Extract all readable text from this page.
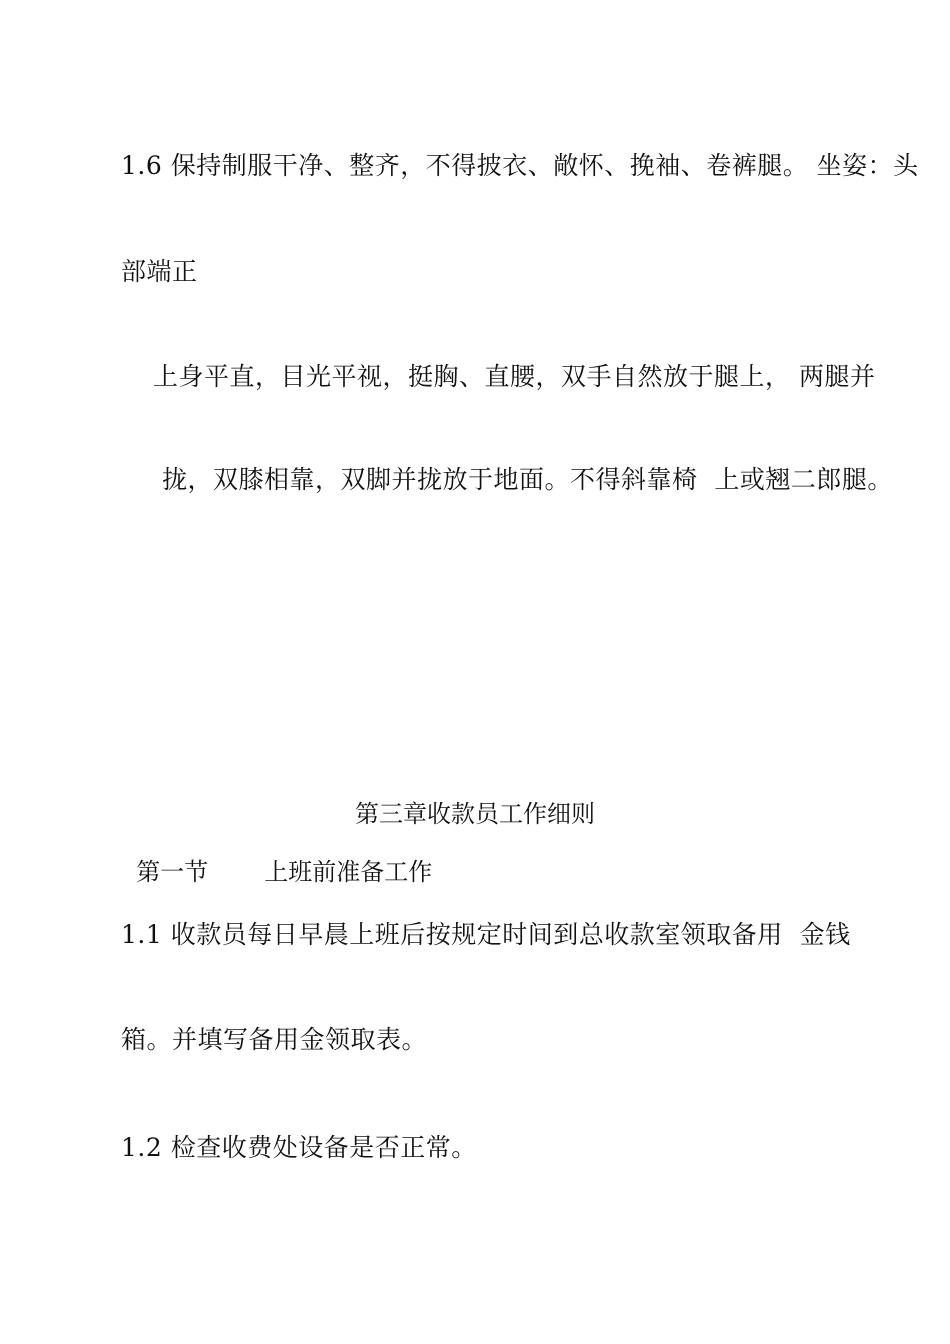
1.6 保持制服干净、整齐，不得披衣、敞怀、挽袖、卷裤腿。 坐姿：头
部端正
上身平直，目光平视，挺胸、直腰，双手自然放于腿上， 两腿并
拢，双膝相靠，双脚并拢放于地面。不得斜靠椅  上或翘二郎腿。
第三章收款员工作细则

第一节 上班前准备工作

1.1 收款员每日早晨上班后按规定时间到总收款室领取备用  金钱
箱。并填写备用金领取表。
1.2 检查收费处设备是否正常。
